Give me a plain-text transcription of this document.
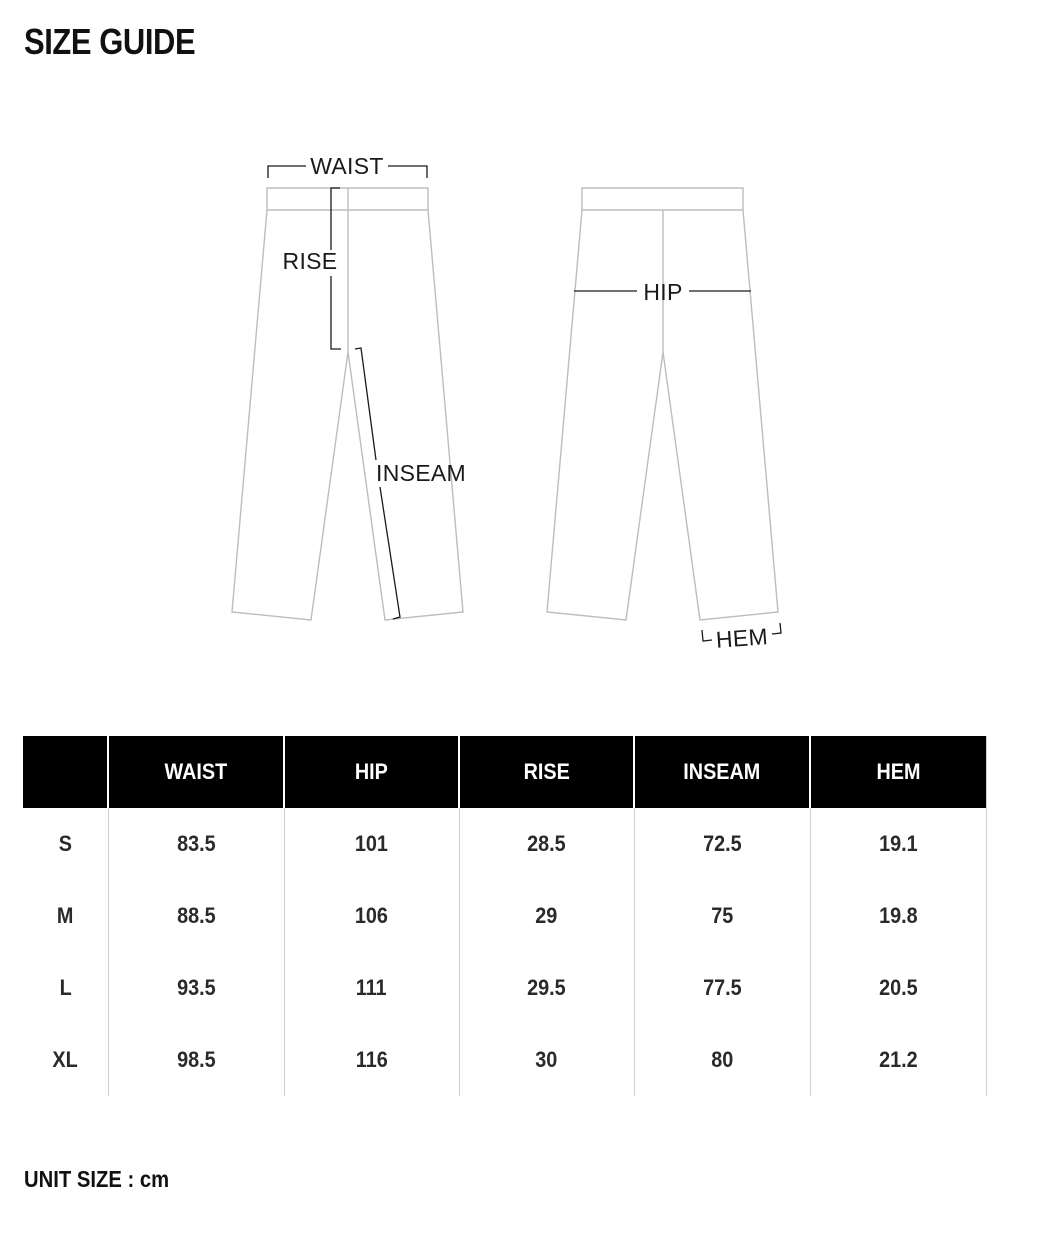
SIZE GUIDE
WAIST
RISE
INSEAM
HIP
HEM
	WAIST	HIP	RISE	INSEAM	HEM
S	83.5	101	28.5	72.5	19.1
M	88.5	106	29	75	19.8
L	93.5	111	29.5	77.5	20.5
XL	98.5	116	30	80	21.2
UNIT SIZE : cm
